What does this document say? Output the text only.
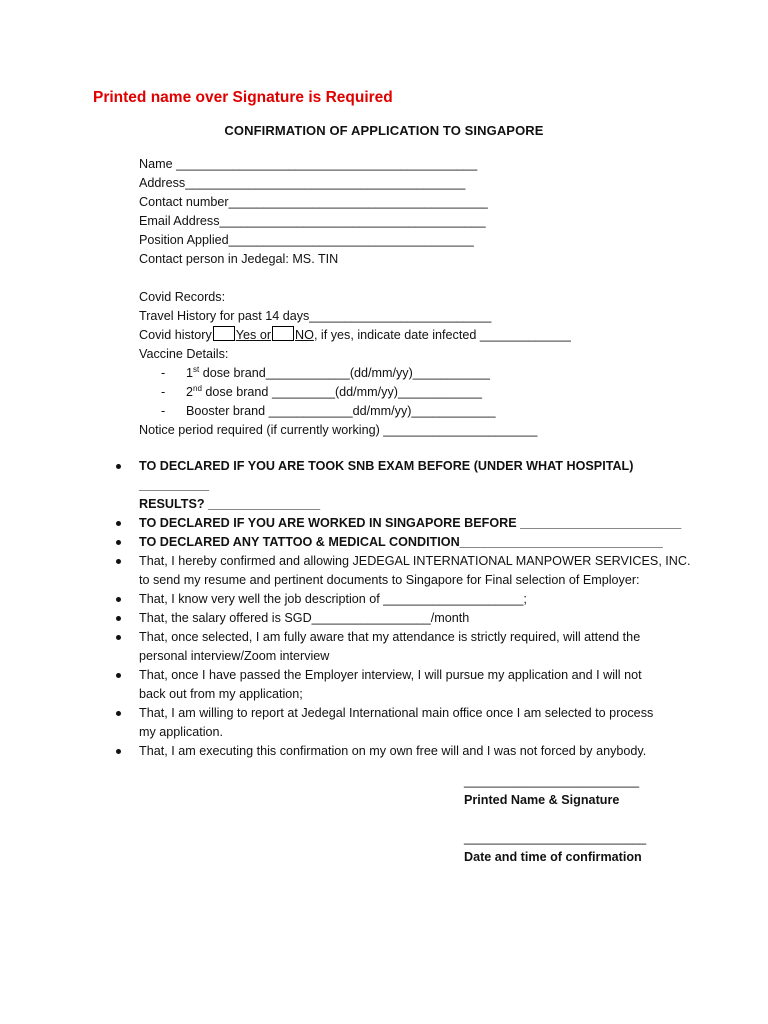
Printed name over Signature is Required
CONFIRMATION OF APPLICATION TO SINGAPORE
Name ___________________________________________
Address________________________________________
Contact number_____________________________________
Email Address______________________________________
Position Applied___________________________________
Contact person in Jedegal: MS. TIN
Covid Records:
Travel History for past 14 days__________________________
Covid history Yes or NO, if yes, indicate date infected _____________
Vaccine Details:
- 1st dose brand____________(dd/mm/yy)___________
- 2nd dose brand _________(dd/mm/yy)____________
- Booster brand ____________dd/mm/yy)____________
Notice period required (if currently working) ______________________
TO DECLARED IF YOU ARE TOOK SNB EXAM BEFORE (UNDER WHAT HOSPITAL) __________
RESULTS? ________________
TO DECLARED IF YOU ARE WORKED IN SINGAPORE BEFORE _______________________
TO DECLARED ANY TATTOO & MEDICAL CONDITION_____________________________
That, I hereby confirmed and allowing JEDEGAL INTERNATIONAL MANPOWER SERVICES, INC.
to send my resume and pertinent documents to Singapore for Final selection of Employer:
That, I know very well the job description of ____________________;
That, the salary offered is SGD_________________/month
That, once selected, I am fully aware that my attendance is strictly required, will attend the
personal interview/Zoom interview
That, once I have passed the Employer interview, I will pursue my application and I will not
back out from my application;
That, I am willing to report at Jedegal International main office once I am selected to process
my application.
That, I am executing this confirmation on my own free will and I was not forced by anybody.
_________________________
Printed Name & Signature
__________________________
Date and time of confirmation
